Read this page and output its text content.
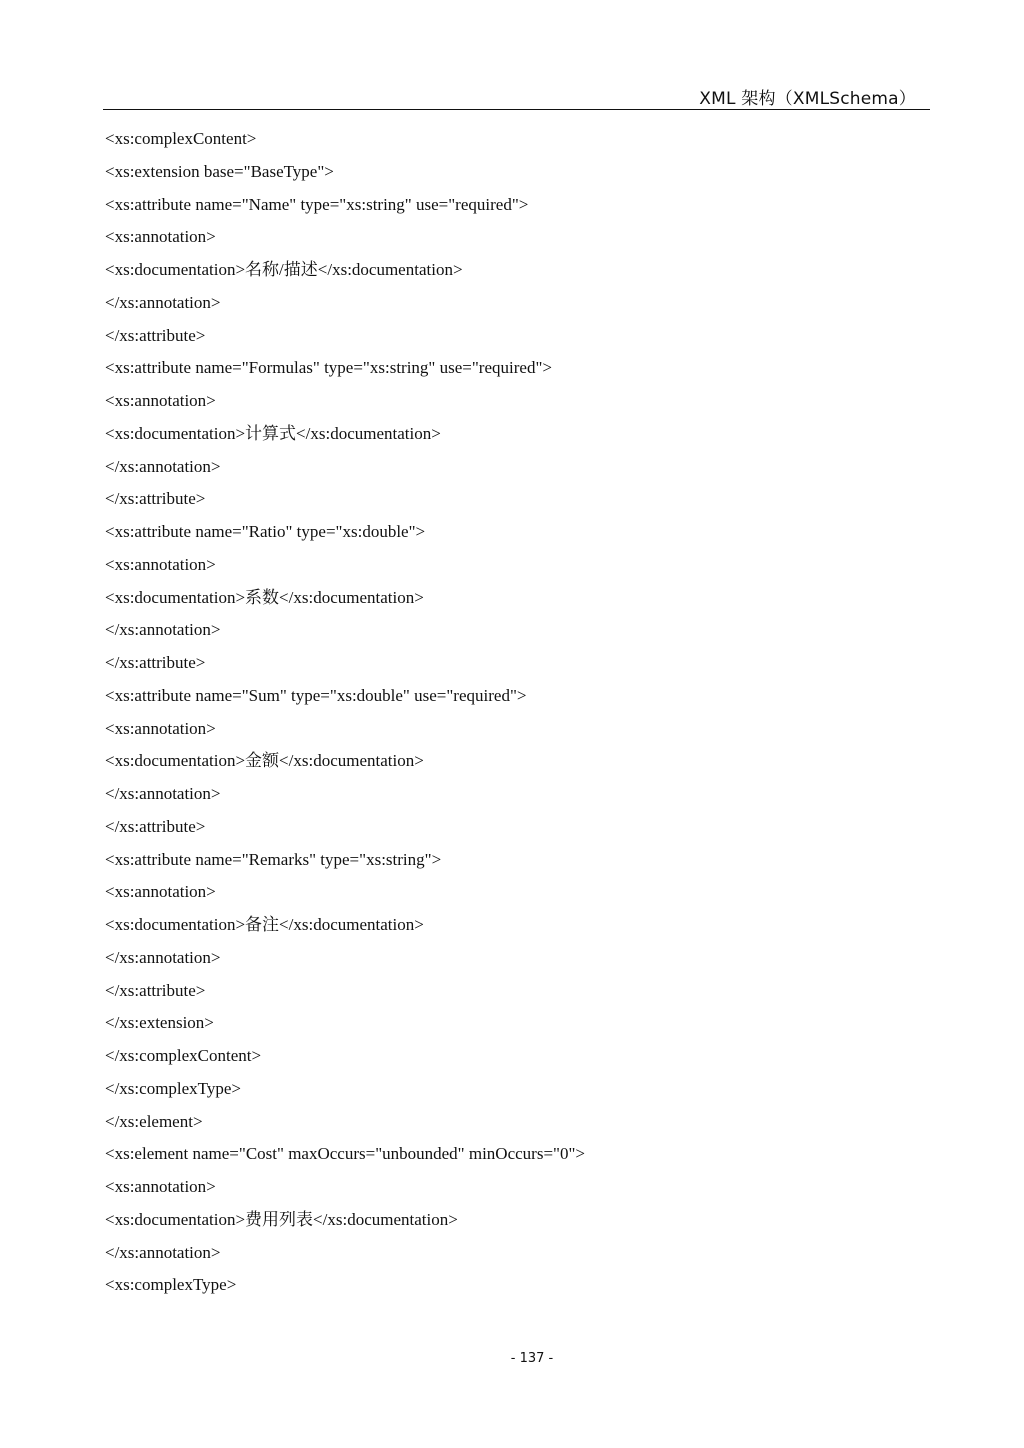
XML 架构（XMLSchema）
<xs:complexContent>
<xs:extension base="BaseType">
<xs:attribute name="Name" type="xs:string" use="required">
<xs:annotation>
<xs:documentation>名称/描述</xs:documentation>
</xs:annotation>
</xs:attribute>
<xs:attribute name="Formulas" type="xs:string" use="required">
<xs:annotation>
<xs:documentation>计算式</xs:documentation>
</xs:annotation>
</xs:attribute>
<xs:attribute name="Ratio" type="xs:double">
<xs:annotation>
<xs:documentation>系数</xs:documentation>
</xs:annotation>
</xs:attribute>
<xs:attribute name="Sum" type="xs:double" use="required">
<xs:annotation>
<xs:documentation>金额</xs:documentation>
</xs:annotation>
</xs:attribute>
<xs:attribute name="Remarks" type="xs:string">
<xs:annotation>
<xs:documentation>备注</xs:documentation>
</xs:annotation>
</xs:attribute>
</xs:extension>
</xs:complexContent>
</xs:complexType>
</xs:element>
<xs:element name="Cost" maxOccurs="unbounded" minOccurs="0">
<xs:annotation>
<xs:documentation>费用列表</xs:documentation>
</xs:annotation>
<xs:complexType>
- 137 -
